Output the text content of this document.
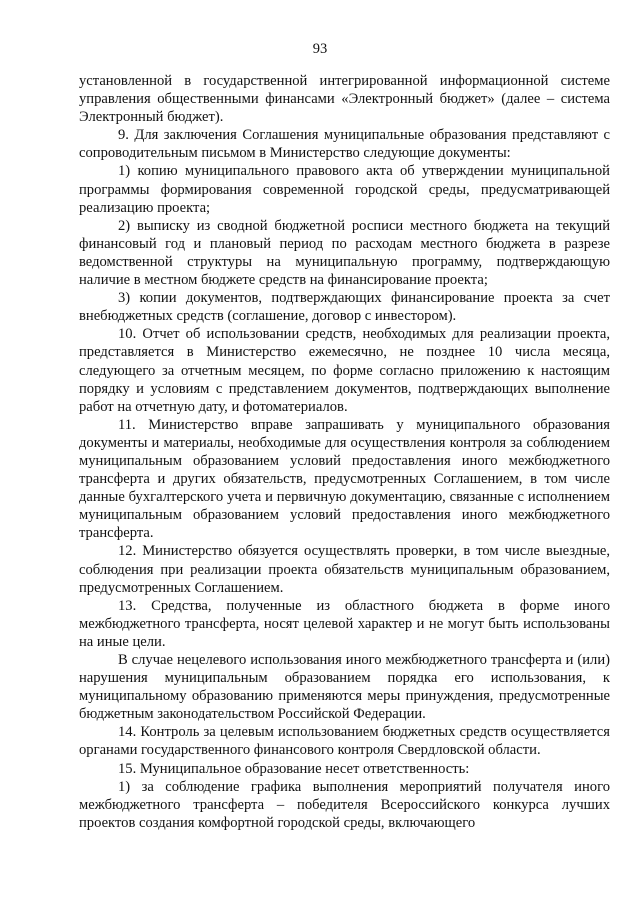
93

установленной в государственной интегрированной информационной системе управления общественными финансами «Электронный бюджет» (далее – система Электронный бюджет).

9. Для заключения Соглашения муниципальные образования представляют с сопроводительным письмом в Министерство следующие документы:

1) копию муниципального правового акта об утверждении муниципальной программы формирования современной городской среды, предусматривающей реализацию проекта;

2) выписку из сводной бюджетной росписи местного бюджета на текущий финансовый год и плановый период по расходам местного бюджета в разрезе ведомственной структуры на муниципальную программу, подтверждающую наличие в местном бюджете средств на финансирование проекта;

3) копии документов, подтверждающих финансирование проекта за счет внебюджетных средств (соглашение, договор с инвестором).

10. Отчет об использовании средств, необходимых для реализации проекта, представляется в Министерство ежемесячно, не позднее 10 числа месяца, следующего за отчетным месяцем, по форме согласно приложению к настоящим порядку и условиям с представлением документов, подтверждающих выполнение работ на отчетную дату, и фотоматериалов.

11. Министерство вправе запрашивать у муниципального образования документы и материалы, необходимые для осуществления контроля за соблюдением муниципальным образованием условий предоставления иного межбюджетного трансферта и других обязательств, предусмотренных Соглашением, в том числе данные бухгалтерского учета и первичную документацию, связанные с исполнением муниципальным образованием условий предоставления иного межбюджетного трансферта.

12. Министерство обязуется осуществлять проверки, в том числе выездные, соблюдения при реализации проекта обязательств муниципальным образованием, предусмотренных Соглашением.

13. Средства, полученные из областного бюджета в форме иного межбюджетного трансферта, носят целевой характер и не могут быть использованы на иные цели.

В случае нецелевого использования иного межбюджетного трансферта и (или) нарушения муниципальным образованием порядка его использования, к муниципальному образованию применяются меры принуждения, предусмотренные бюджетным законодательством Российской Федерации.

14. Контроль за целевым использованием бюджетных средств осуществляется органами государственного финансового контроля Свердловской области.

15. Муниципальное образование несет ответственность:

1) за соблюдение графика выполнения мероприятий получателя иного межбюджетного трансферта – победителя Всероссийского конкурса лучших проектов создания комфортной городской среды, включающего
